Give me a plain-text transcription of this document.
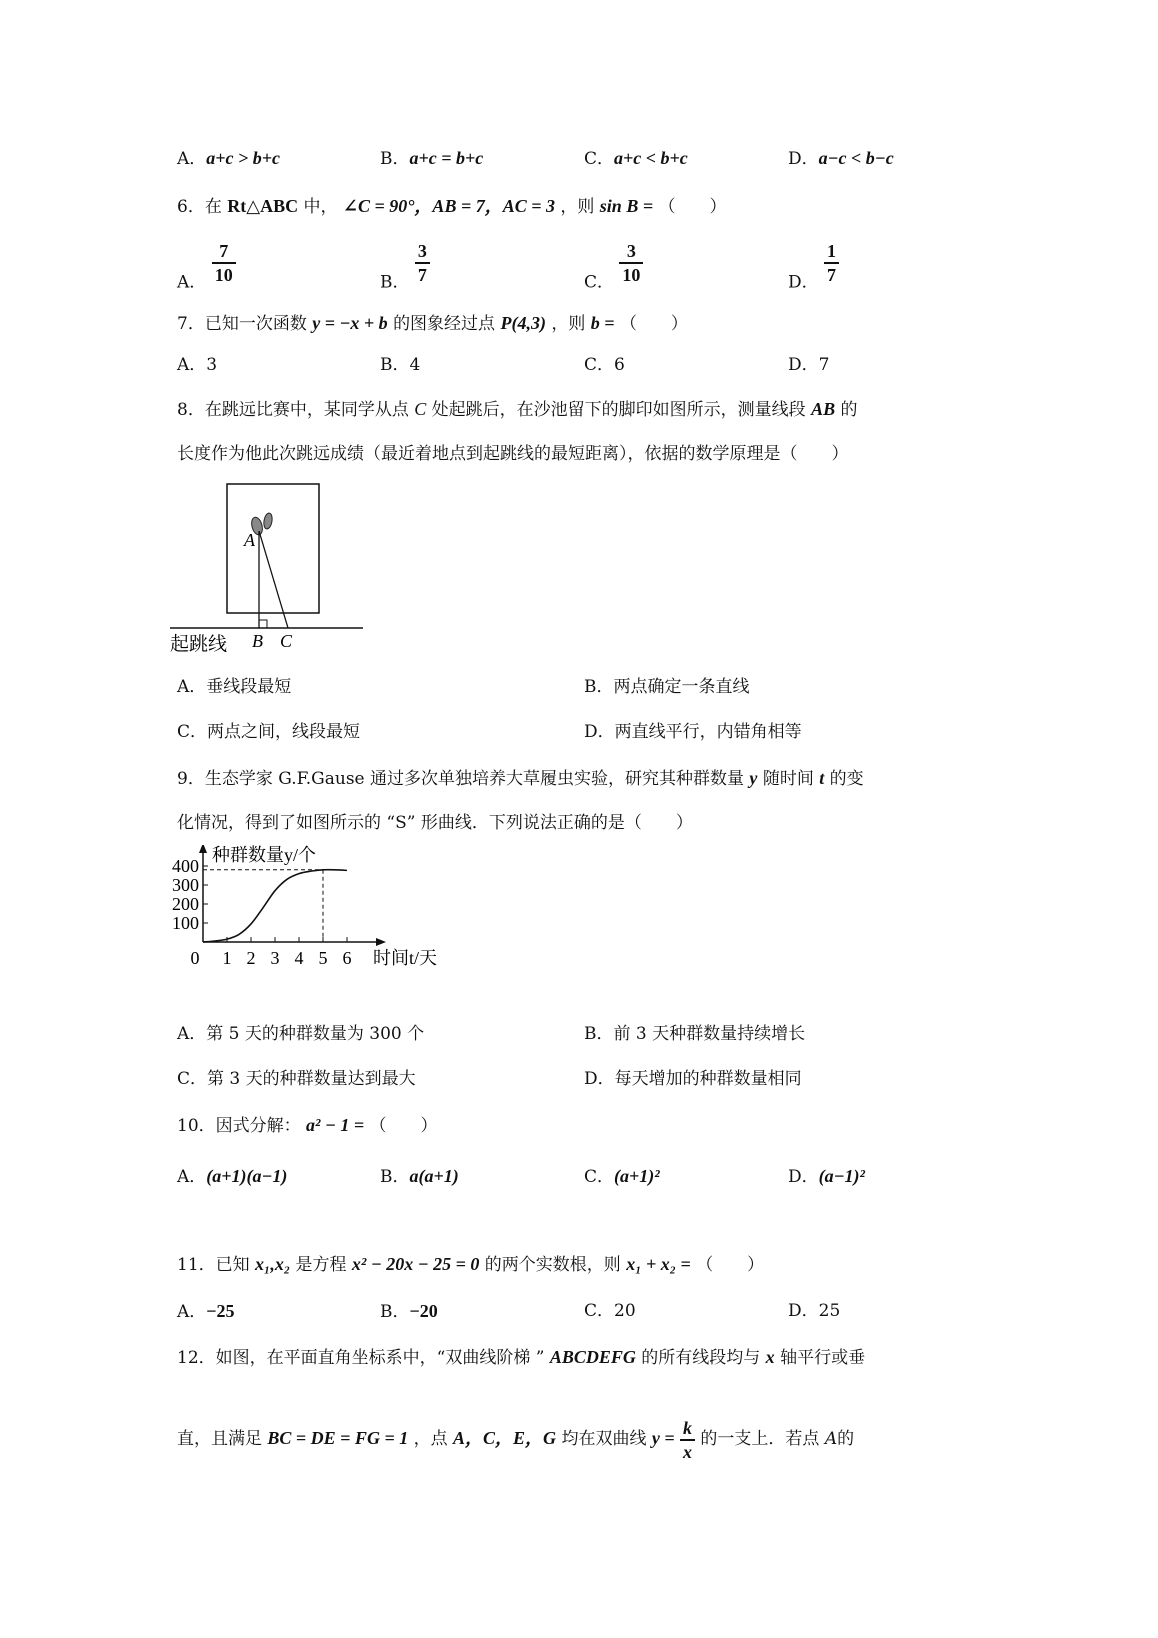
A．a+c > b+c	B．a+c = b+c	C．a+c < b+c	D．a−c < b−c
6．在 Rt△ABC 中， ∠C = 90°，AB = 7，AC = 3 ，则 sin B = （　　）
A． $\frac{7}{10}$	B． $\frac{3}{7}$	C． $\frac{3}{10}$	D． $\frac{1}{7}$
7．已知一次函数 y = −x + b 的图象经过点 P(4,3) ，则 b = （　　）
A．3	B．4	C．6	D．7
8．在跳远比赛中，某同学从点 C 处起跳后，在沙池留下的脚印如图所示，测量线段 AB 的
长度作为他此次跳远成绩（最近着地点到起跳线的最短距离），依据的数学原理是（　　）
A
B C
起跳线
A．垂线段最短	B．两点确定一条直线
C．两点之间，线段最短	D．两直线平行，内错角相等
9．生态学家 G.F.Gause 通过多次单独培养大草履虫实验，研究其种群数量 y 随时间 t 的变
化情况，得到了如图所示的 “S” 形曲线．下列说法正确的是（　　）
100
200
300
400
0 1 2 3 4 5 6
种群数量y/个
时间t/天
A．第 5 天的种群数量为 300 个	B．前 3 天种群数量持续增长
C．第 3 天的种群数量达到最大	D．每天增加的种群数量相同
10．因式分解： a² − 1 = （　　）
A．(a+1)(a−1)	B．a(a+1)	C．(a+1)²	D．(a−1)²
11．已知 x₁,x₂ 是方程 x² − 20x − 25 = 0 的两个实数根，则 x₁ + x₂ = （　　）
A．−25	B．−20	C．20	D．25
12．如图，在平面直角坐标系中，“双曲线阶梯 ” ABCDEFG 的所有线段均与 x 轴平行或垂
直，且满足 BC = DE = FG = 1 ，点 A，C，E，G 均在双曲线 $y = \frac{k}{x}$ 的一支上．若点 A的
